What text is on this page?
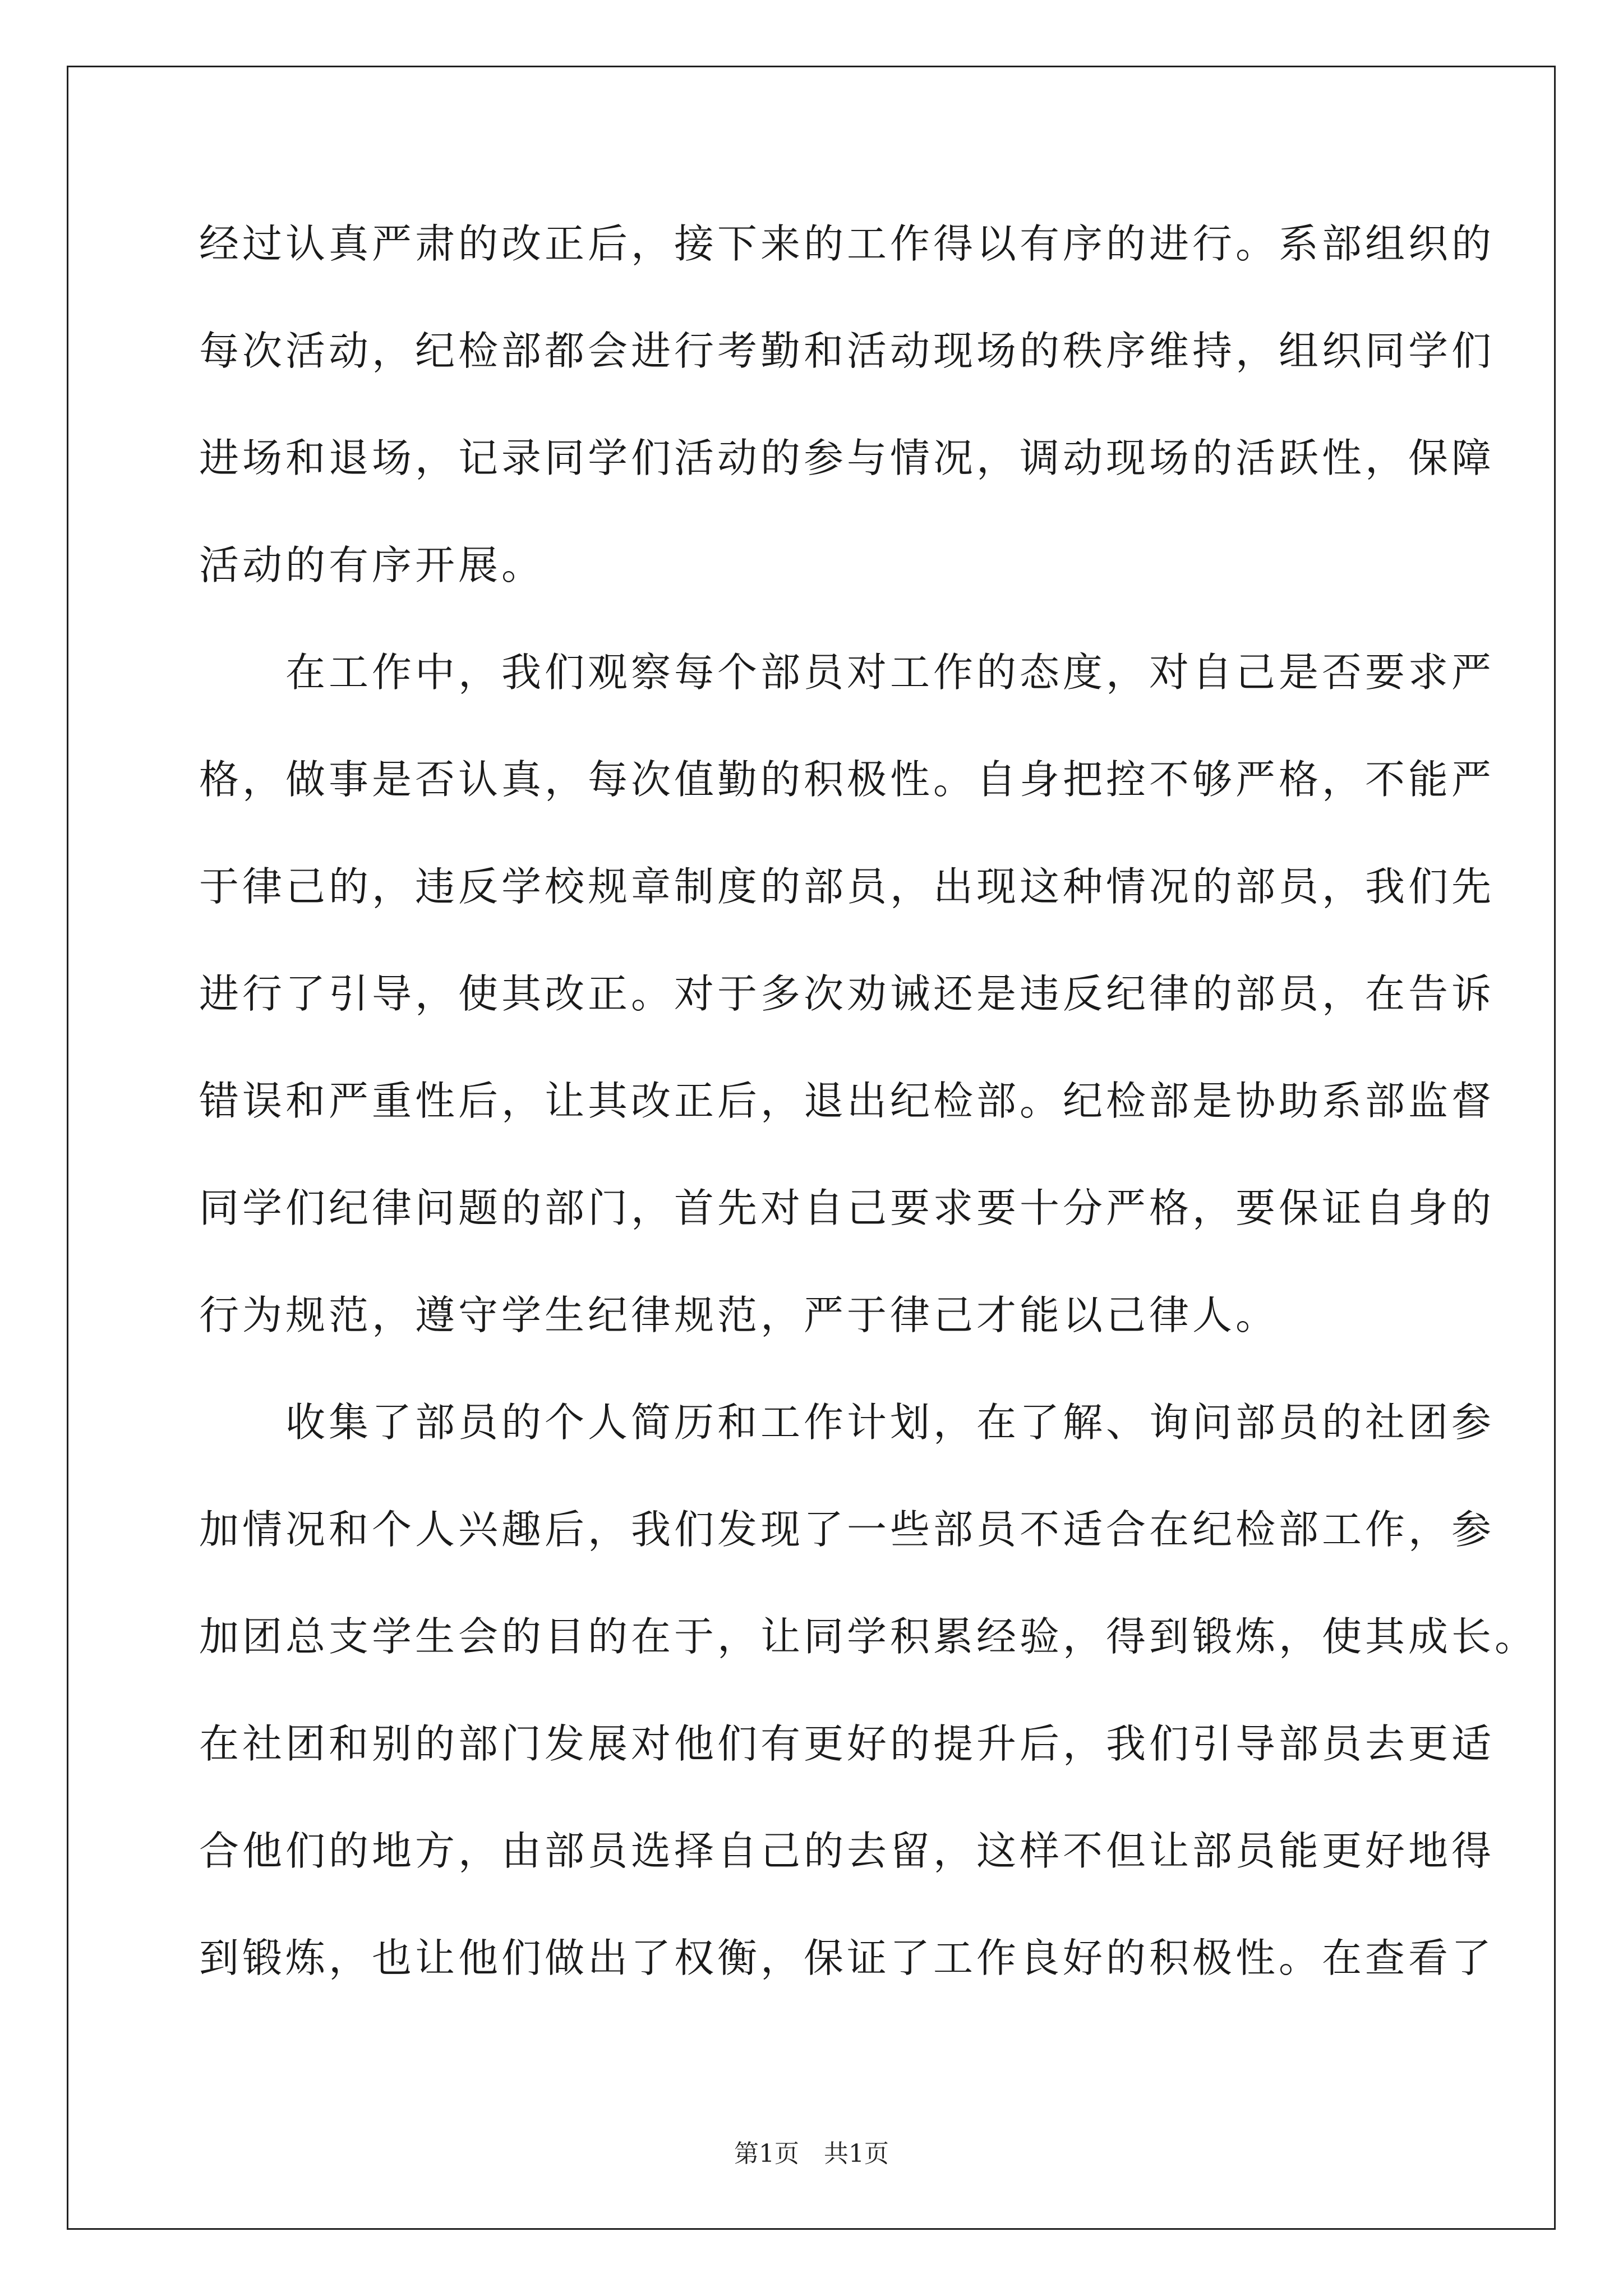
经过认真严肃的改正后，接下来的工作得以有序的进行。系部组织的
每次活动，纪检部都会进行考勤和活动现场的秩序维持，组织同学们
进场和退场，记录同学们活动的参与情况，调动现场的活跃性，保障
活动的有序开展。
　　在工作中，我们观察每个部员对工作的态度，对自己是否要求严
格，做事是否认真，每次值勤的积极性。自身把控不够严格，不能严
于律己的，违反学校规章制度的部员，出现这种情况的部员，我们先
进行了引导，使其改正。对于多次劝诫还是违反纪律的部员，在告诉
错误和严重性后，让其改正后，退出纪检部。纪检部是协助系部监督
同学们纪律问题的部门，首先对自己要求要十分严格，要保证自身的
行为规范，遵守学生纪律规范，严于律己才能以己律人。
　　收集了部员的个人简历和工作计划，在了解、询问部员的社团参
加情况和个人兴趣后，我们发现了一些部员不适合在纪检部工作，参
加团总支学生会的目的在于，让同学积累经验，得到锻炼，使其成长。
在社团和别的部门发展对他们有更好的提升后，我们引导部员去更适
合他们的地方，由部员选择自己的去留，这样不但让部员能更好地得
到锻炼，也让他们做出了权衡，保证了工作良好的积极性。在查看了
第1页　共1页
